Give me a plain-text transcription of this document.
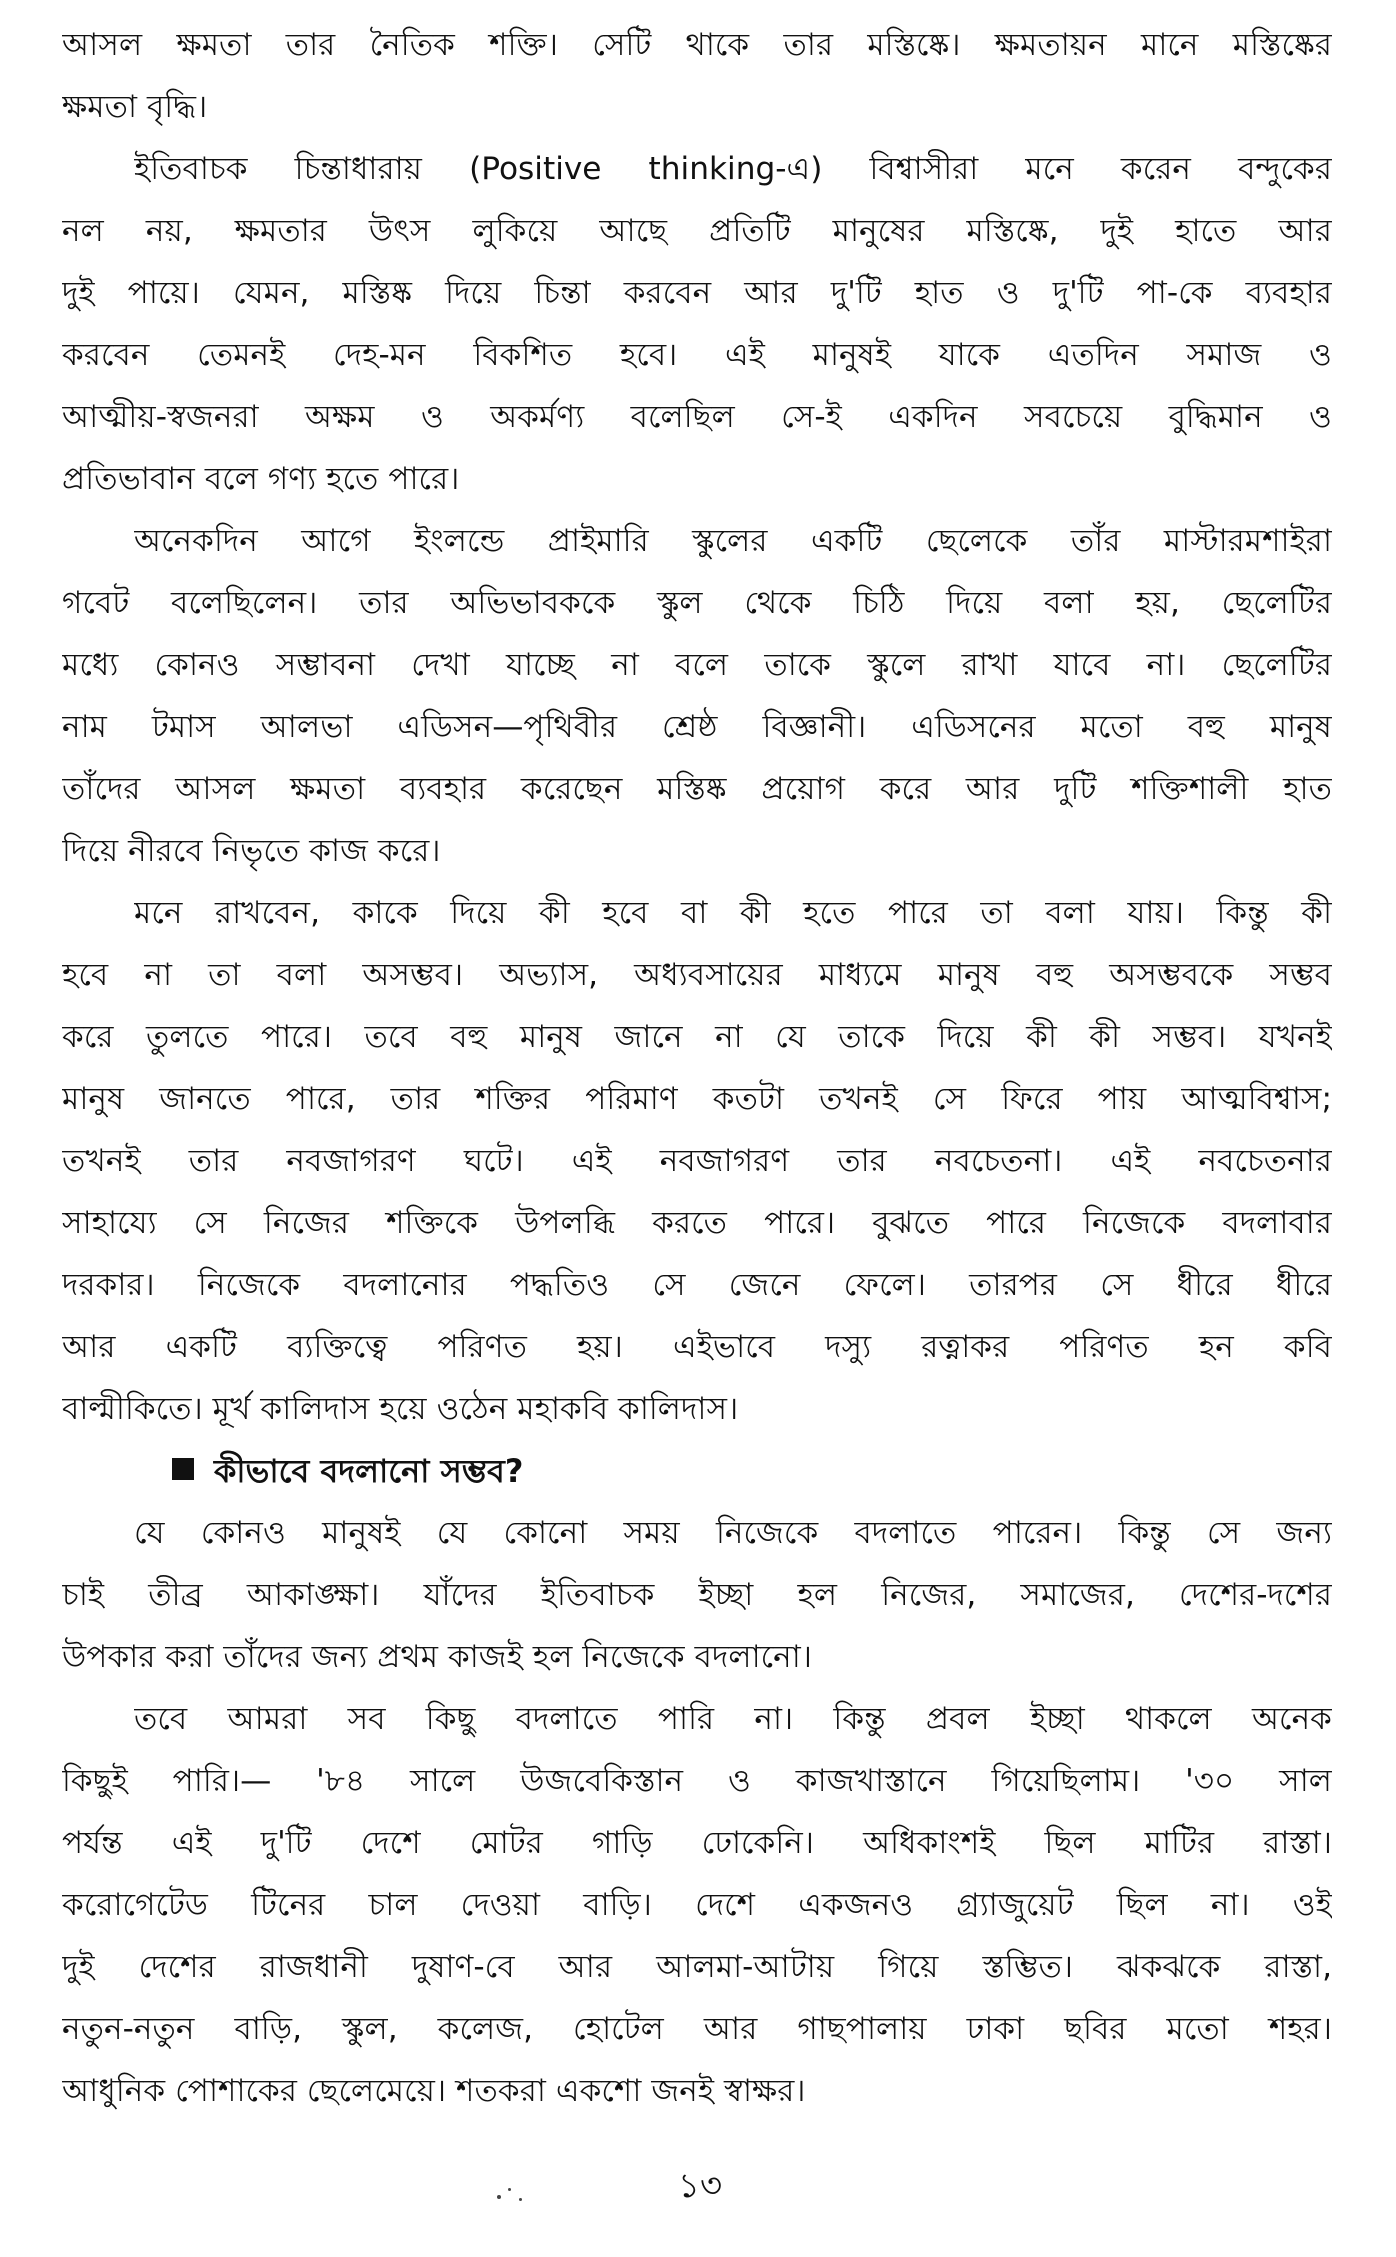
আসল ক্ষমতা তার নৈতিক শক্তি। সেটি থাকে তার মস্তিষ্কে। ক্ষমতায়ন মানে মস্তিষ্কের
ক্ষমতা বৃদ্ধি।
ইতিবাচক চিন্তাধারায় (Positive thinking-এ) বিশ্বাসীরা মনে করেন বন্দুকের
নল নয়, ক্ষমতার উৎস লুকিয়ে আছে প্রতিটি মানুষের মস্তিষ্কে, দুই হাতে আর
দুই পায়ে। যেমন, মস্তিষ্ক দিয়ে চিন্তা করবেন আর দু'টি হাত ও দু'টি পা-কে ব্যবহার
করবেন তেমনই দেহ-মন বিকশিত হবে। এই মানুষই যাকে এতদিন সমাজ ও
আত্মীয়-স্বজনরা অক্ষম ও অকর্মণ্য বলেছিল সে-ই একদিন সবচেয়ে বুদ্ধিমান ও
প্রতিভাবান বলে গণ্য হতে পারে।
অনেকদিন আগে ইংলন্ডে প্রাইমারি স্কুলের একটি ছেলেকে তাঁর মাস্টারমশাইরা
গবেট বলেছিলেন। তার অভিভাবককে স্কুল থেকে চিঠি দিয়ে বলা হয়, ছেলেটির
মধ্যে কোনও সম্ভাবনা দেখা যাচ্ছে না বলে তাকে স্কুলে রাখা যাবে না। ছেলেটির
নাম টমাস আলভা এডিসন—পৃথিবীর শ্রেষ্ঠ বিজ্ঞানী। এডিসনের মতো বহু মানুষ
তাঁদের আসল ক্ষমতা ব্যবহার করেছেন মস্তিষ্ক প্রয়োগ করে আর দুটি শক্তিশালী হাত
দিয়ে নীরবে নিভৃতে কাজ করে।
মনে রাখবেন, কাকে দিয়ে কী হবে বা কী হতে পারে তা বলা যায়। কিন্তু কী
হবে না তা বলা অসম্ভব। অভ্যাস, অধ্যবসায়ের মাধ্যমে মানুষ বহু অসম্ভবকে সম্ভব
করে তুলতে পারে। তবে বহু মানুষ জানে না যে তাকে দিয়ে কী কী সম্ভব। যখনই
মানুষ জানতে পারে, তার শক্তির পরিমাণ কতটা তখনই সে ফিরে পায় আত্মবিশ্বাস;
তখনই তার নবজাগরণ ঘটে। এই নবজাগরণ তার নবচেতনা। এই নবচেতনার
সাহায্যে সে নিজের শক্তিকে উপলব্ধি করতে পারে। বুঝতে পারে নিজেকে বদলাবার
দরকার। নিজেকে বদলানোর পদ্ধতিও সে জেনে ফেলে। তারপর সে ধীরে ধীরে
আর একটি ব্যক্তিত্বে পরিণত হয়। এইভাবে দস্যু রত্নাকর পরিণত হন কবি
বাল্মীকিতে। মূর্খ কালিদাস হয়ে ওঠেন মহাকবি কালিদাস।
কীভাবে বদলানো সম্ভব?
যে কোনও মানুষই যে কোনো সময় নিজেকে বদলাতে পারেন। কিন্তু সে জন্য
চাই তীব্র আকাঙ্ক্ষা। যাঁদের ইতিবাচক ইচ্ছা হল নিজের, সমাজের, দেশের-দশের
উপকার করা তাঁদের জন্য প্রথম কাজই হল নিজেকে বদলানো।
তবে আমরা সব কিছু বদলাতে পারি না। কিন্তু প্রবল ইচ্ছা থাকলে অনেক
কিছুই পারি।— '৮৪ সালে উজবেকিস্তান ও কাজখাস্তানে গিয়েছিলাম। '৩০ সাল
পর্যন্ত এই দু'টি দেশে মোটর গাড়ি ঢোকেনি। অধিকাংশই ছিল মাটির রাস্তা।
করোগেটেড টিনের চাল দেওয়া বাড়ি। দেশে একজনও গ্র্যাজুয়েট ছিল না। ওই
দুই দেশের রাজধানী দুষাণ-বে আর আলমা-আটায় গিয়ে স্তম্ভিত। ঝকঝকে রাস্তা,
নতুন-নতুন বাড়ি, স্কুল, কলেজ, হোটেল আর গাছপালায় ঢাকা ছবির মতো শহর।
আধুনিক পোশাকের ছেলেমেয়ে। শতকরা একশো জনই স্বাক্ষর।
১৩
